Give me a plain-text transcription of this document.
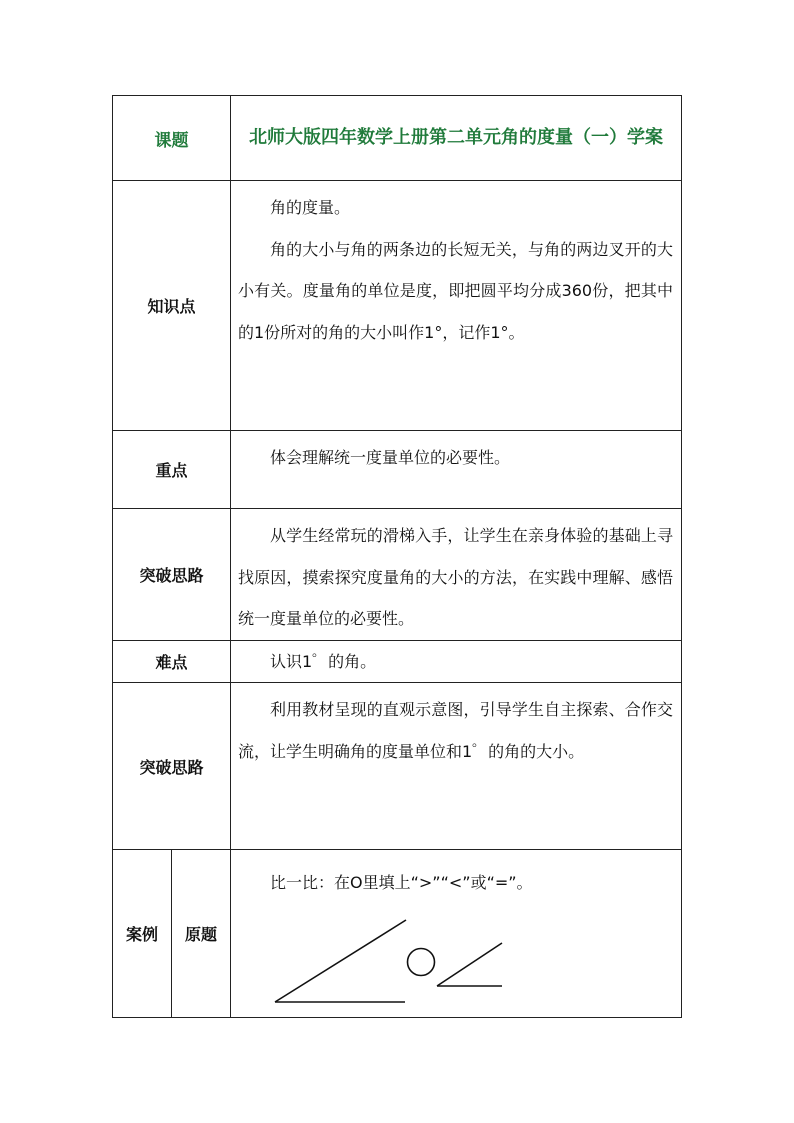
课题		北师大版四年数学上册第二单元角的度量（一）学案
知识点		角的度量。

角的大小与角的两条边的长短无关，与角的两边叉开的大小有关。度量角的单位是度，即把圆平均分成360份，把其中的1份所对的角的大小叫作1°，记作1°。

重点		体会理解统一度量单位的必要性。

突破思路		从学生经常玩的滑梯入手，让学生在亲身体验的基础上寻找原因，摸索探究度量角的大小的方法，在实践中理解、感悟统一度量单位的必要性。

难点		认识1゜的角。

突破思路		利用教材呈现的直观示意图，引导学生自主探索、合作交流，让学生明确角的度量单位和1゜的角的大小。

案例	原题	比一比：在O里填上“>”“<”或“=”。
